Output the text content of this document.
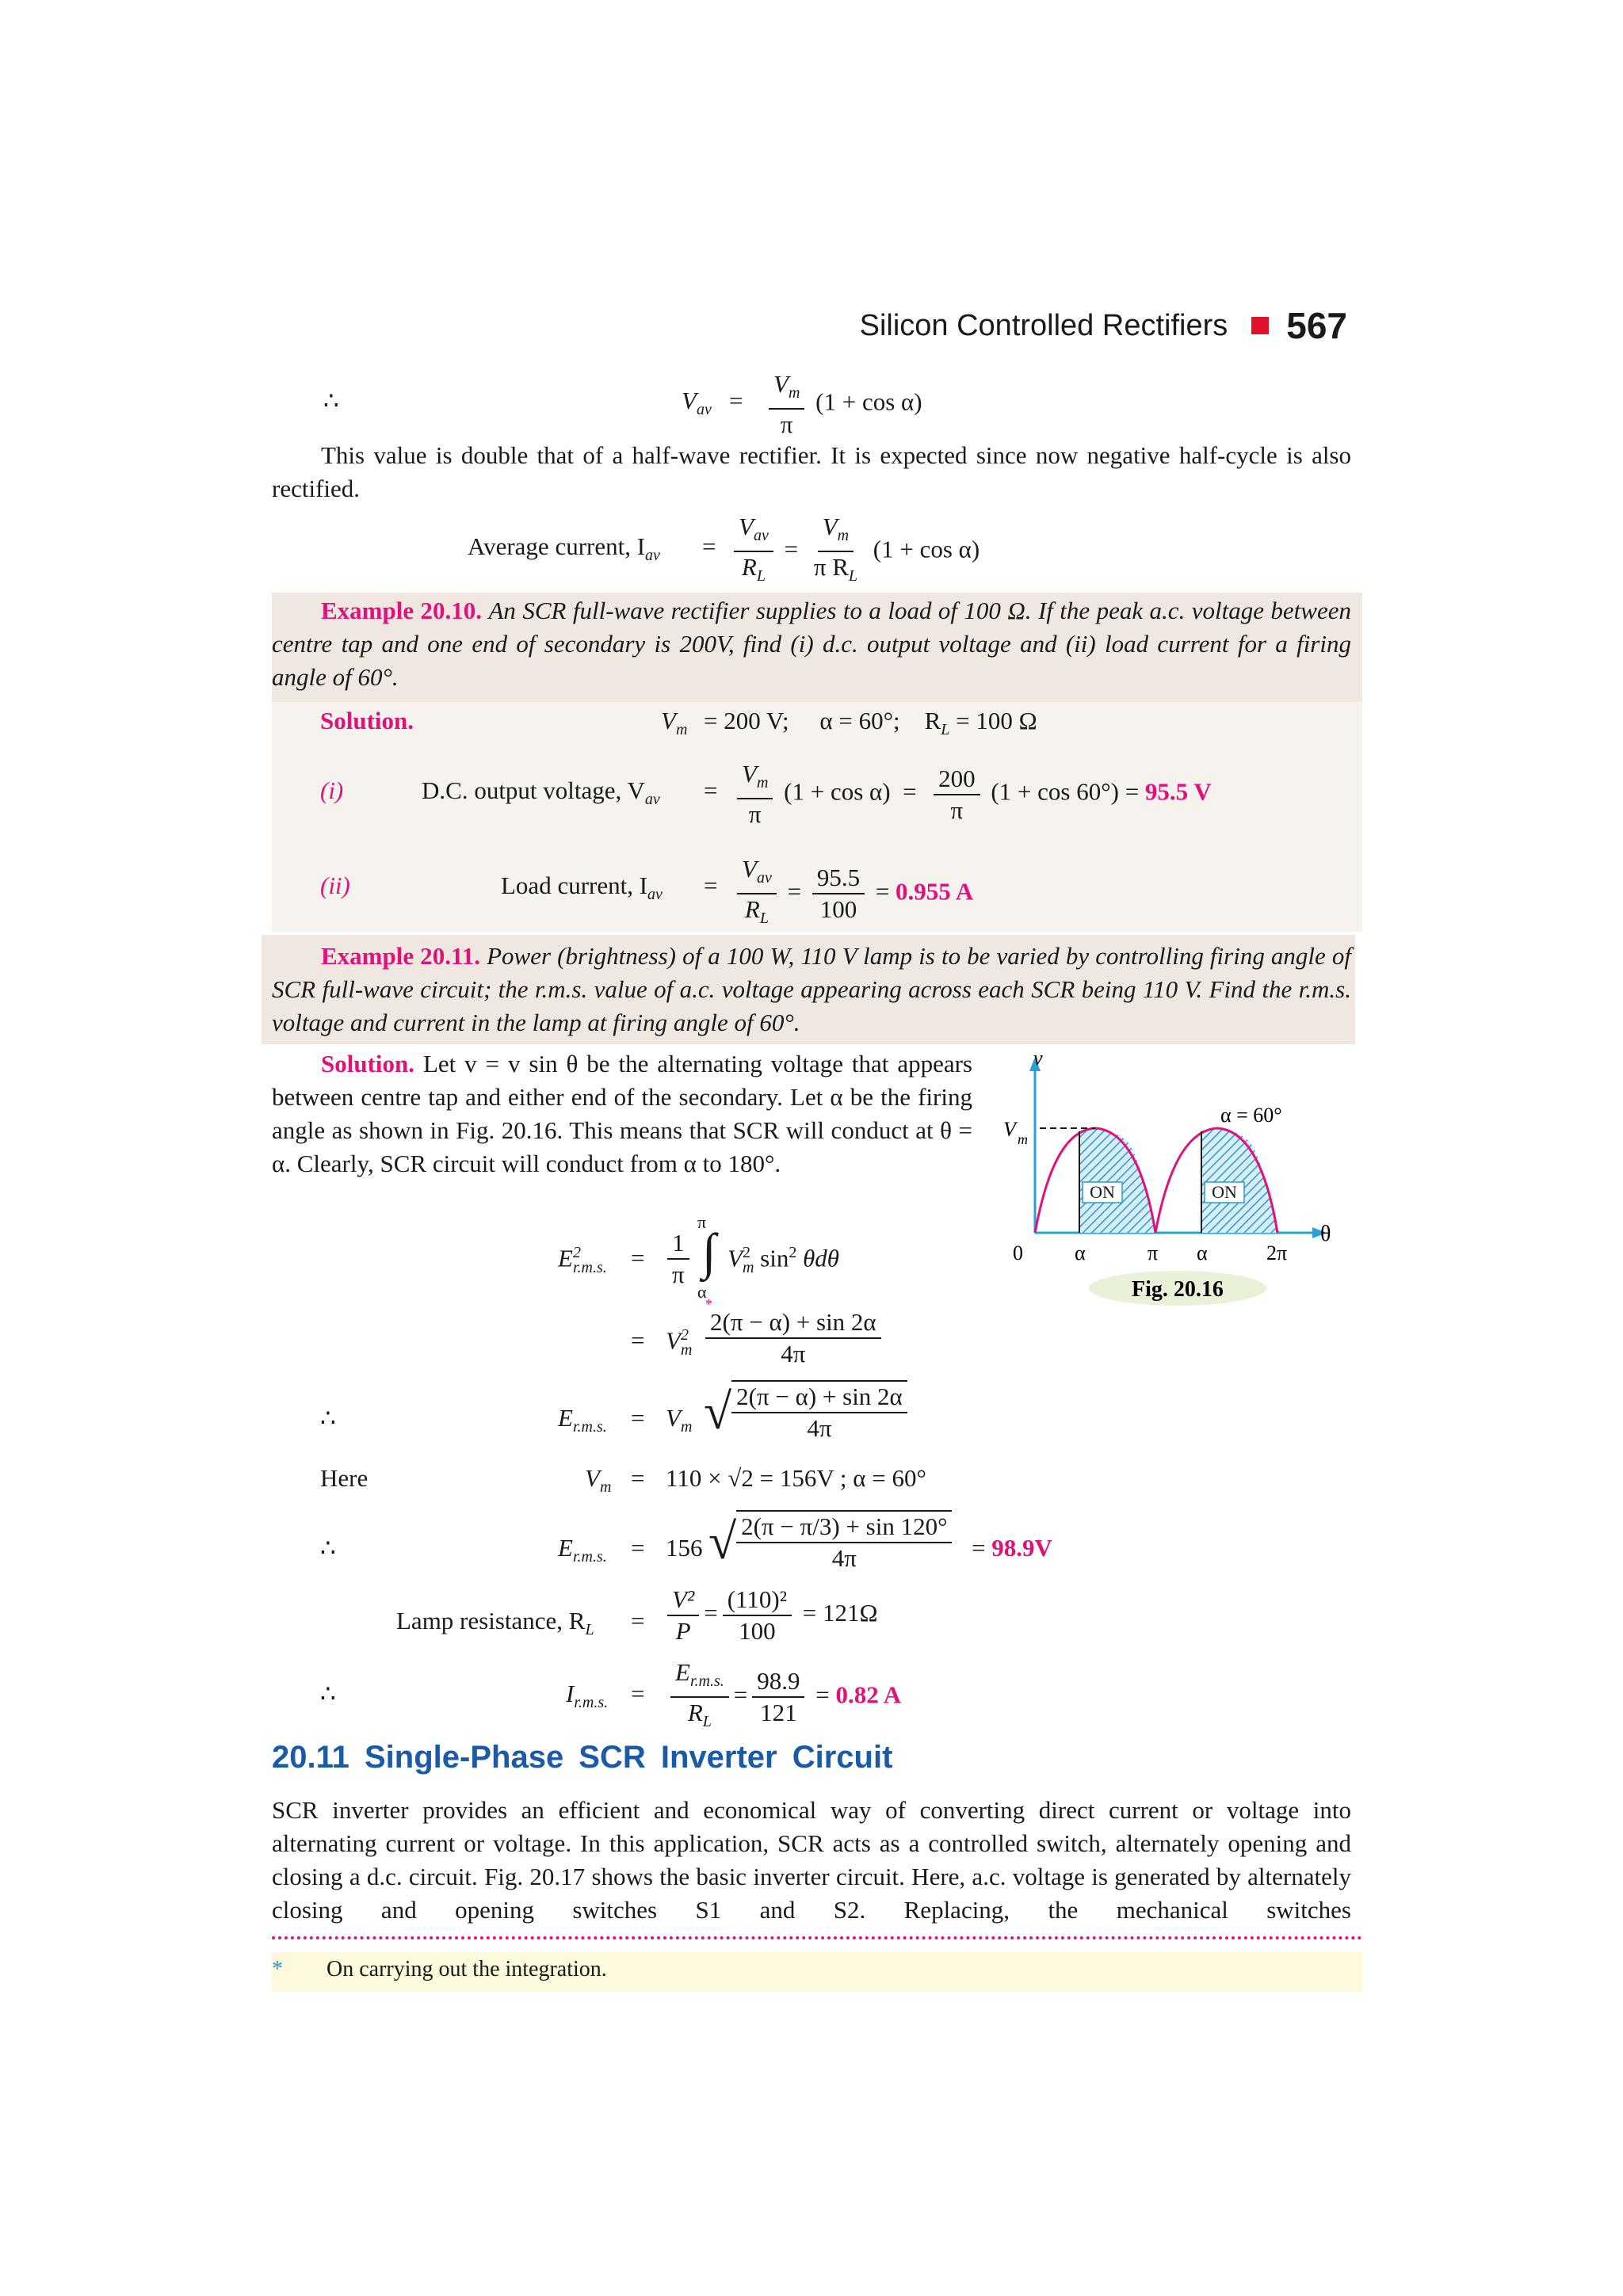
Silicon Controlled Rectifiers 567
∴	$V_{av} = \frac{V_m}{\pi} (1 + \cos \alpha)$
This value is double that of a half-wave rectifier. It is expected since now negative half-cycle is also rectified.
Average current, $I_{av} = \frac{V_{av}}{R_L} = \frac{V_m}{\pi R_L} (1 + \cos \alpha)$
Example 20.10. An SCR full-wave rectifier supplies to a load of 100 Ω. If the peak a.c. voltage between centre tap and one end of secondary is 200V, find (i) d.c. output voltage and (ii) load current for a firing angle of 60°.
Solution.	$V_m = 200$ V;     α = 60°;    $R_L = 100$ Ω
(i)	D.C. output voltage, $V_{av} = \frac{V_m}{\pi} (1 + \cos \alpha) = \frac{200}{\pi} (1 + \cos 60^\circ) = 95.5$ V
(ii)	Load current, $I_{av} = \frac{V_{av}}{R_L} = \frac{95.5}{100} = 0.955$ A
Example 20.11. Power (brightness) of a 100 W, 110 V lamp is to be varied by controlling firing angle of SCR full-wave circuit; the r.m.s. value of a.c. voltage appearing across each SCR being 110 V. Find the r.m.s. voltage and current in the lamp at firing angle of 60°.
Solution. Let v = v sin θ be the alternating voltage that appears between centre tap and either end of the secondary. Let α be the firing angle as shown in Fig. 20.16. This means that SCR will conduct at θ = α. Clearly, SCR circuit will conduct from α to 180°.
ON	ON
v
θ
V m
α = 60°
0	α	π α	2π
Fig. 20.16
$E^2_{r.m.s.} = \frac{1}{\pi}$
π
∫
α
$V^2_m$ $\sin^2 \theta d\theta$
= $V^2_m \frac{2(\pi - \alpha) + \sin 2\alpha}{4\pi}$
*
∴	$E_{r.m.s.} = V_m$ √ $\frac{2(\pi - \alpha) + \sin 2\alpha}{4\pi}$
Here	$V_m = 110 \times √2 = 156V$ ; α = 60°
∴	$E_{r.m.s.} = 156$ √ $\frac{2(\pi - \pi/3) + \sin 120^\circ}{4\pi} = 98.9V$
Lamp resistance, $R_L = \frac{\text{V²}}{P} = \frac{\text{(110)²}}{100} = 121\Omega$
∴	$I_{r.m.s.} = \frac{E_{r.m.s.}}{R_L} = \frac{98.9}{121} = 0.82$ A
20.11 Single-Phase SCR Inverter Circuit
SCR inverter provides an efficient and economical way of converting direct current or voltage into alternating current or voltage. In this application, SCR acts as a controlled switch, alternately opening and closing a d.c. circuit. Fig. 20.17 shows the basic inverter circuit. Here, a.c. voltage is generated by alternately closing and opening switches S1 and S2. Replacing, the mechanical switches
* On carrying out the integration.
